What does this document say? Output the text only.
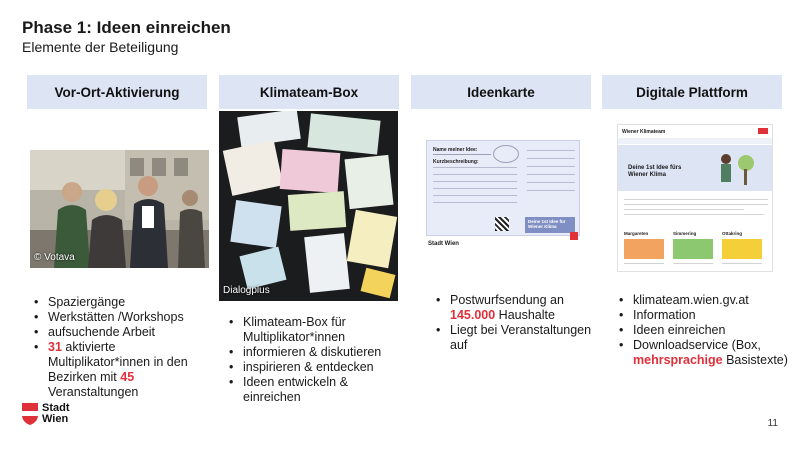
Phase 1: Ideen einreichen
Elemente der Beteiligung
Vor-Ort-Aktivierung	Klimateam-Box	Ideenkarte	Digitale Plattform
© Votava
Dialogplus
Name meiner Idee:
Kurzbeschreibung:
Deine 1st Idee für Wiener Klima
Stadt Wien
Wiener Klimateam
Deine 1st Idee fürs Wiener Klima
Margareten	Simmering	Ottakring
• Spaziergänge
• Werkstätten /Workshops
• aufsuchende Arbeit
• 31 aktivierte Multiplikator*innen in den Bezirken mit 45 Veranstaltungen
• Klimateam-Box für Multiplikator*innen
• informieren & diskutieren
• inspirieren & entdecken
• Ideen entwickeln & einreichen
• Postwurfsendung an 145.000 Haushalte
• Liegt bei Veranstaltungen auf
• klimateam.wien.gv.at
• Information
• Ideen einreichen
• Downloadservice (Box, mehrsprachige Basistexte)
Stadt
Wien	11
